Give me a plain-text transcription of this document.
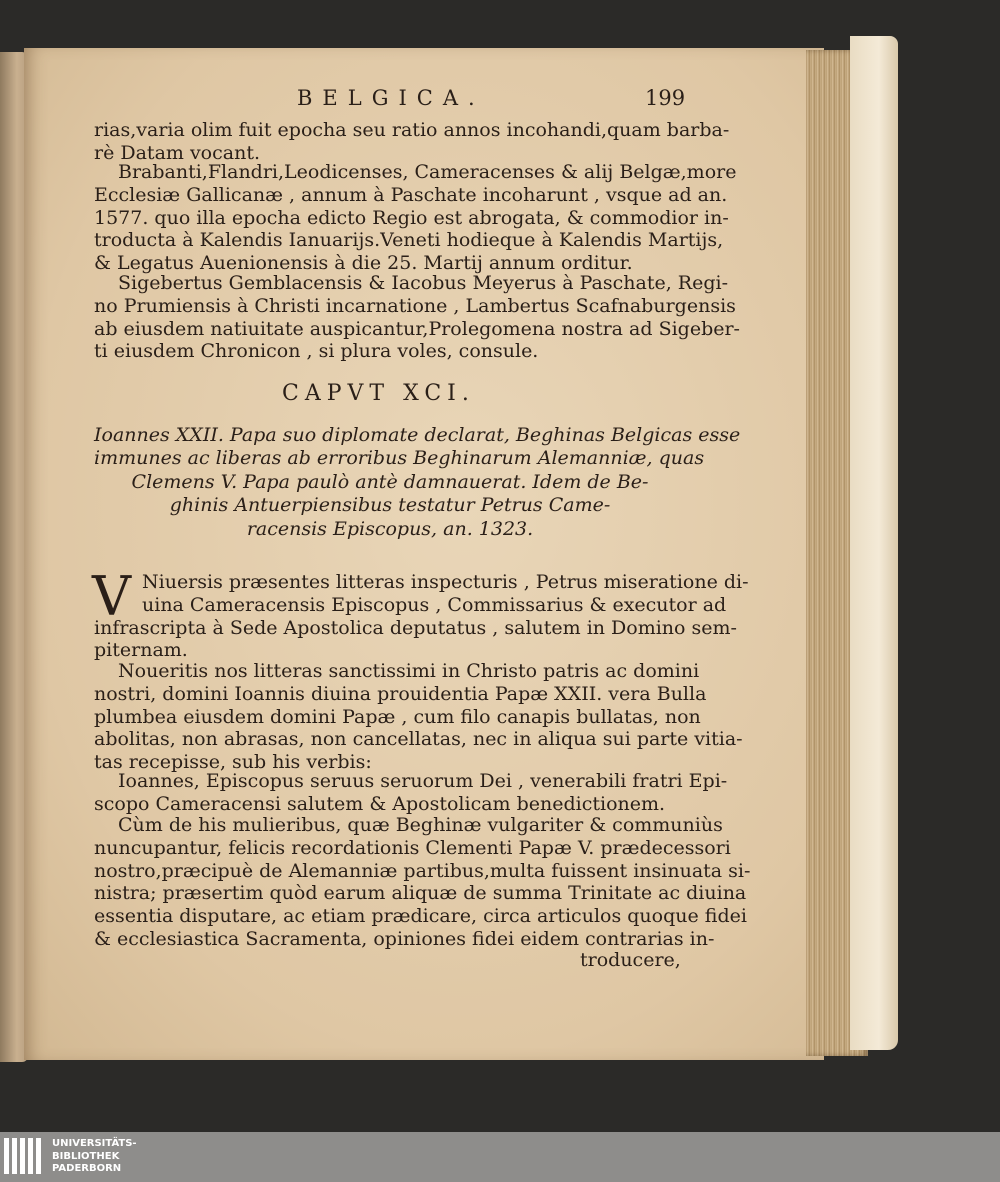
BELGICA.	199
rias,varia olim fuit epocha seu ratio annos incohandi,quam barba-
rè Datam vocant.
Brabanti,Flandri,Leodicenses, Cameracenses & alij Belgæ,more
Ecclesiæ Gallicanæ , annum à Paschate incoharunt , vsque ad an.
1577. quo illa epocha edicto Regio est abrogata, & commodior in-
troducta à Kalendis Ianuarijs.Veneti hodieque à Kalendis Martijs,
& Legatus Auenionensis à die 25. Martij annum orditur.
Sigebertus Gemblacensis & Iacobus Meyerus à Paschate, Regi-
no Prumiensis à Christi incarnatione , Lambertus Scafnaburgensis
ab eiusdem natiuitate auspicantur,Prolegomena nostra ad Sigeber-
ti eiusdem Chronicon , si plura voles, consule.
CAPVT XCI.
Ioannes XXII. Papa suo diplomate declarat, Beghinas Belgicas esse
immunes ac liberas ab erroribus Beghinarum Alemanniæ, quas
Clemens V. Papa paulò antè damnauerat. Idem de Be-
ghinis Antuerpiensibus testatur Petrus Came-
racensis Episcopus, an. 1323.
V Niuersis præsentes litteras inspecturis , Petrus miseratione di-
uina Cameracensis Episcopus , Commissarius & executor ad
infrascripta à Sede Apostolica deputatus , salutem in Domino sem-
piternam.
Noueritis nos litteras sanctissimi in Christo patris ac domini
nostri, domini Ioannis diuina prouidentia Papæ XXII. vera Bulla
plumbea eiusdem domini Papæ , cum filo canapis bullatas, non
abolitas, non abrasas, non cancellatas, nec in aliqua sui parte vitia-
tas recepisse, sub his verbis:
Ioannes, Episcopus seruus seruorum Dei , venerabili fratri Epi-
scopo Cameracensi salutem & Apostolicam benedictionem.
Cùm de his mulieribus, quæ Beghinæ vulgariter & communiùs
nuncupantur, felicis recordationis Clementi Papæ V. prædecessori
nostro,præcipuè de Alemanniæ partibus,multa fuissent insinuata si-
nistra; præsertim quòd earum aliquæ de summa Trinitate ac diuina
essentia disputare, ac etiam prædicare, circa articulos quoque fidei
& ecclesiastica Sacramenta, opiniones fidei eidem contrarias in-
troducere,
UNIVERSITÄTS-
BIBLIOTHEK
PADERBORN
